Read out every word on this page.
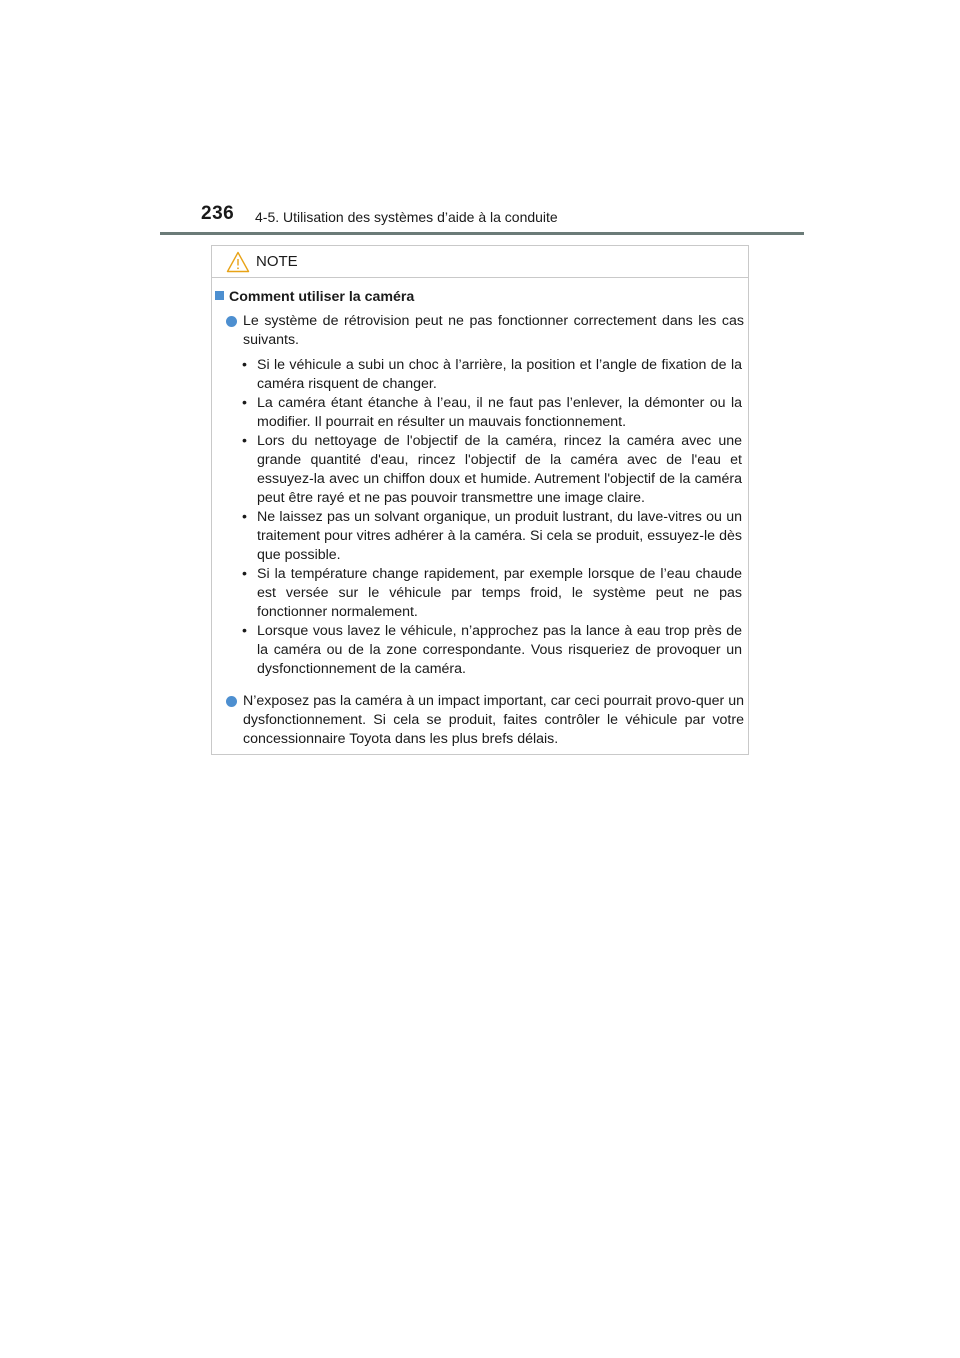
236 4-5. Utilisation des systèmes d’aide à la conduite
NOTE
Comment utiliser la caméra
Le système de rétrovision peut ne pas fonctionner correctement dans les cas suivants.
• Si le véhicule a subi un choc à l’arrière, la position et l’angle de fixation de la caméra risquent de changer.
• La caméra étant étanche à l’eau, il ne faut pas l’enlever, la démonter ou la modifier. Il pourrait en résulter un mauvais fonctionnement.
• Lors du nettoyage de l'objectif de la caméra, rincez la caméra avec une grande quantité d'eau, rincez l'objectif de la caméra avec de l'eau et essuyez-la avec un chiffon doux et humide. Autrement l'objectif de la caméra peut être rayé et ne pas pouvoir transmettre une image claire.
• Ne laissez pas un solvant organique, un produit lustrant, du lave-vitres ou un traitement pour vitres adhérer à la caméra. Si cela se produit, essuyez-le dès que possible.
• Si la température change rapidement, par exemple lorsque de l’eau chaude est versée sur le véhicule par temps froid, le système peut ne pas fonctionner normalement.
• Lorsque vous lavez le véhicule, n’approchez pas la lance à eau trop près de la caméra ou de la zone correspondante. Vous risqueriez de provoquer un dysfonctionnement de la caméra.
N’exposez pas la caméra à un impact important, car ceci pourrait provo-quer un dysfonctionnement. Si cela se produit, faites contrôler le véhicule par votre concessionnaire Toyota dans les plus brefs délais.
